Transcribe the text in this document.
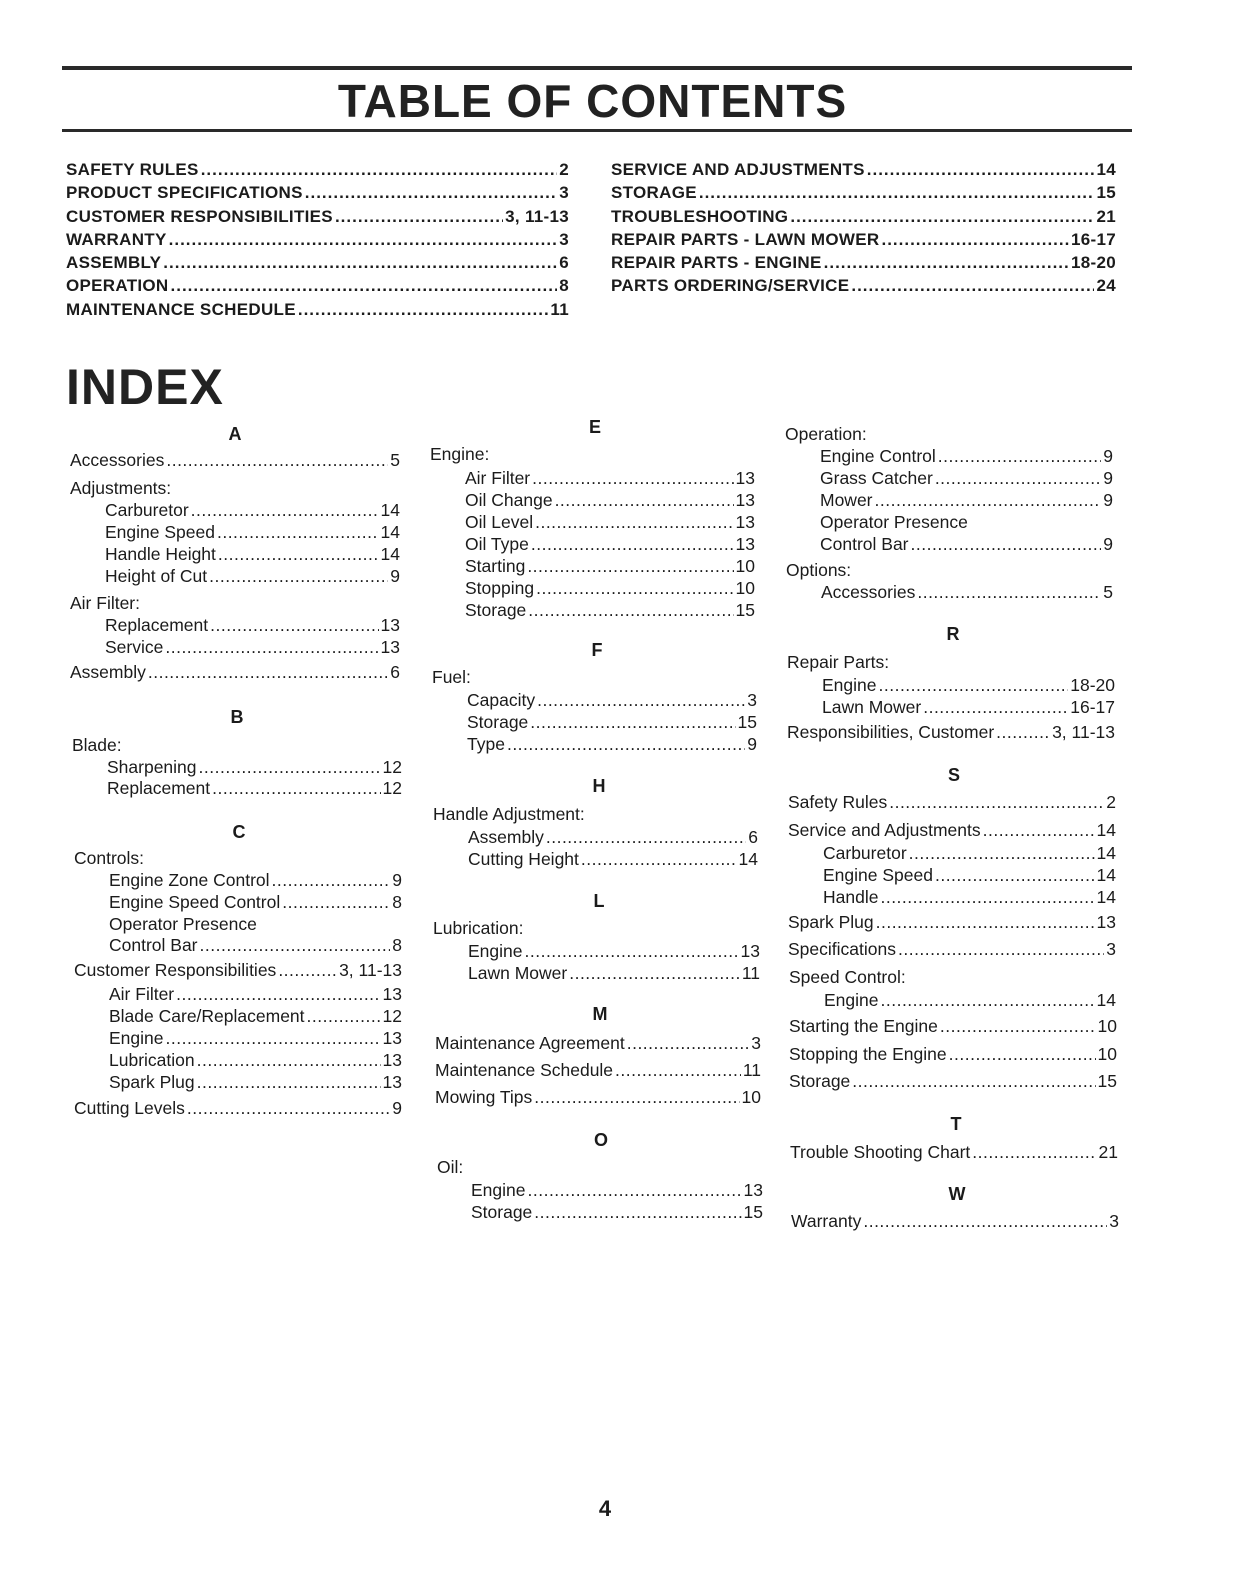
TABLE OF CONTENTS
SAFETY RULES .....	2
PRODUCT SPECIFICATIONS .....	3
CUSTOMER RESPONSIBILITIES .....	3, 11-13
WARRANTY .....	3
ASSEMBLY .....	6
OPERATION .....	8
MAINTENANCE SCHEDULE .....	11
SERVICE AND ADJUSTMENTS .....	14
STORAGE .....	15
TROUBLESHOOTING .....	21
REPAIR PARTS - LAWN MOWER .....	16-17
REPAIR PARTS - ENGINE .....	18-20
PARTS ORDERING/SERVICE .....	24
INDEX
A
Accessories .....	5
Adjustments:
Carburetor .....	14
Engine Speed .....	14
Handle Height .....	14
Height of Cut .....	9
Air Filter:
Replacement .....	13
Service .....	13
Assembly .....	6
B
Blade:
Sharpening .....	12
Replacement .....	12
C
Controls:
Engine Zone Control .....	9
Engine Speed Control .....	8
Operator Presence
Control Bar .....	8
Customer Responsibilities .....	3, 11-13
Air Filter .....	13
Blade Care/Replacement .....	12
Engine .....	13
Lubrication .....	13
Spark Plug .....	13
Cutting Levels .....	9
E
Engine:
Air Filter .....	13
Oil Change .....	13
Oil Level .....	13
Oil Type .....	13
Starting .....	10
Stopping .....	10
Storage .....	15
F
Fuel:
Capacity .....	3
Storage .....	15
Type .....	9
H
Handle Adjustment:
Assembly .....	6
Cutting Height .....	14
L
Lubrication:
Engine .....	13
Lawn Mower .....	11
M
Maintenance Agreement .....	3
Maintenance Schedule .....	11
Mowing Tips .....	10
O
Oil:
Engine .....	13
Storage .....	15
Operation:
Engine Control .....	9
Grass Catcher .....	9
Mower .....	9
Operator Presence
Control Bar .....	9
Options:
Accessories .....	5
R
Repair Parts:
Engine .....	18-20
Lawn Mower .....	16-17
Responsibilities, Customer .....	3, 11-13
S
Safety Rules .....	2
Service and Adjustments .....	14
Carburetor .....	14
Engine Speed .....	14
Handle .....	14
Spark Plug .....	13
Specifications .....	3
Speed Control:
Engine .....	14
Starting the Engine .....	10
Stopping the Engine .....	10
Storage .....	15
T
Trouble Shooting Chart .....	21
W
Warranty .....	3
4
